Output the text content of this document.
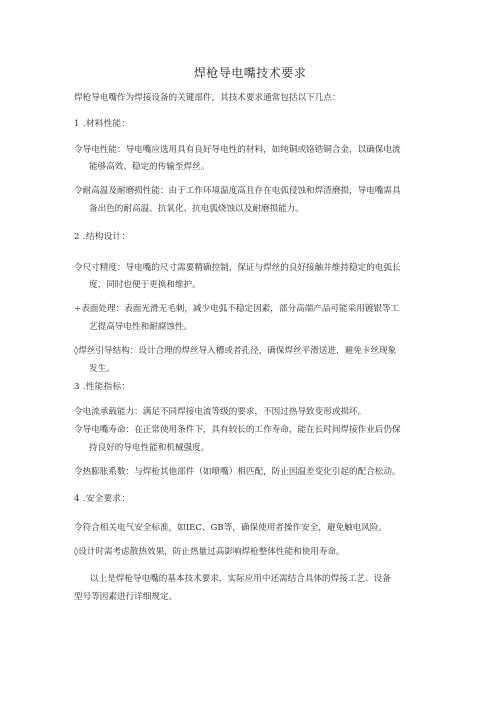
焊枪导电嘴技术要求
焊枪导电嘴作为焊接设备的关键部件，其技术要求通常包括以下几点：
1 .材料性能：
令导电性能：导电嘴应选用具有良好导电性的材料，如纯铜或铬锆铜合金，以确保电流
能够高效、稳定的传输至焊丝。
令耐高温及耐磨损性能：由于工作环境温度高且存在电弧侵蚀和焊渣磨损，导电嘴需具
备出色的耐高温、抗氧化、抗电弧烧蚀以及耐磨损能力。
2 .结构设计：
令尺寸精度：导电嘴的尺寸需要精确控制，保证与焊丝的良好接触并维持稳定的电弧长
度，同时也便于更换和维护。
÷表面处理：表面光滑无毛刺，减少电弧不稳定因素，部分高端产品可能采用镀银等工
艺提高导电性和耐腐蚀性。
◊焊丝引导结构：设计合理的焊丝导入槽或者孔径，确保焊丝平滑送进，避免卡丝现象
发生。
3 .性能指标：
令电流承载能力：满足不同焊接电流等级的要求，不因过热导致变形或损坏。
令导电嘴寿命：在正常使用条件下，具有较长的工作寿命，能在长时间焊接作业后仍保
持良好的导电性能和机械强度。
令热膨胀系数：与焊枪其他部件（如喷嘴）相匹配，防止因温差变化引起的配合松动。
4 .安全要求：
令符合相关电气安全标准，如IEC、GB等，确保使用者操作安全，避免触电风险。
◊设计时需考虑散热效果，防止热量过高影响焊枪整体性能和使用寿命。
以上是焊枪导电嘴的基本技术要求，实际应用中还需结合具体的焊接工艺、设备
型号等因素进行详细规定。
